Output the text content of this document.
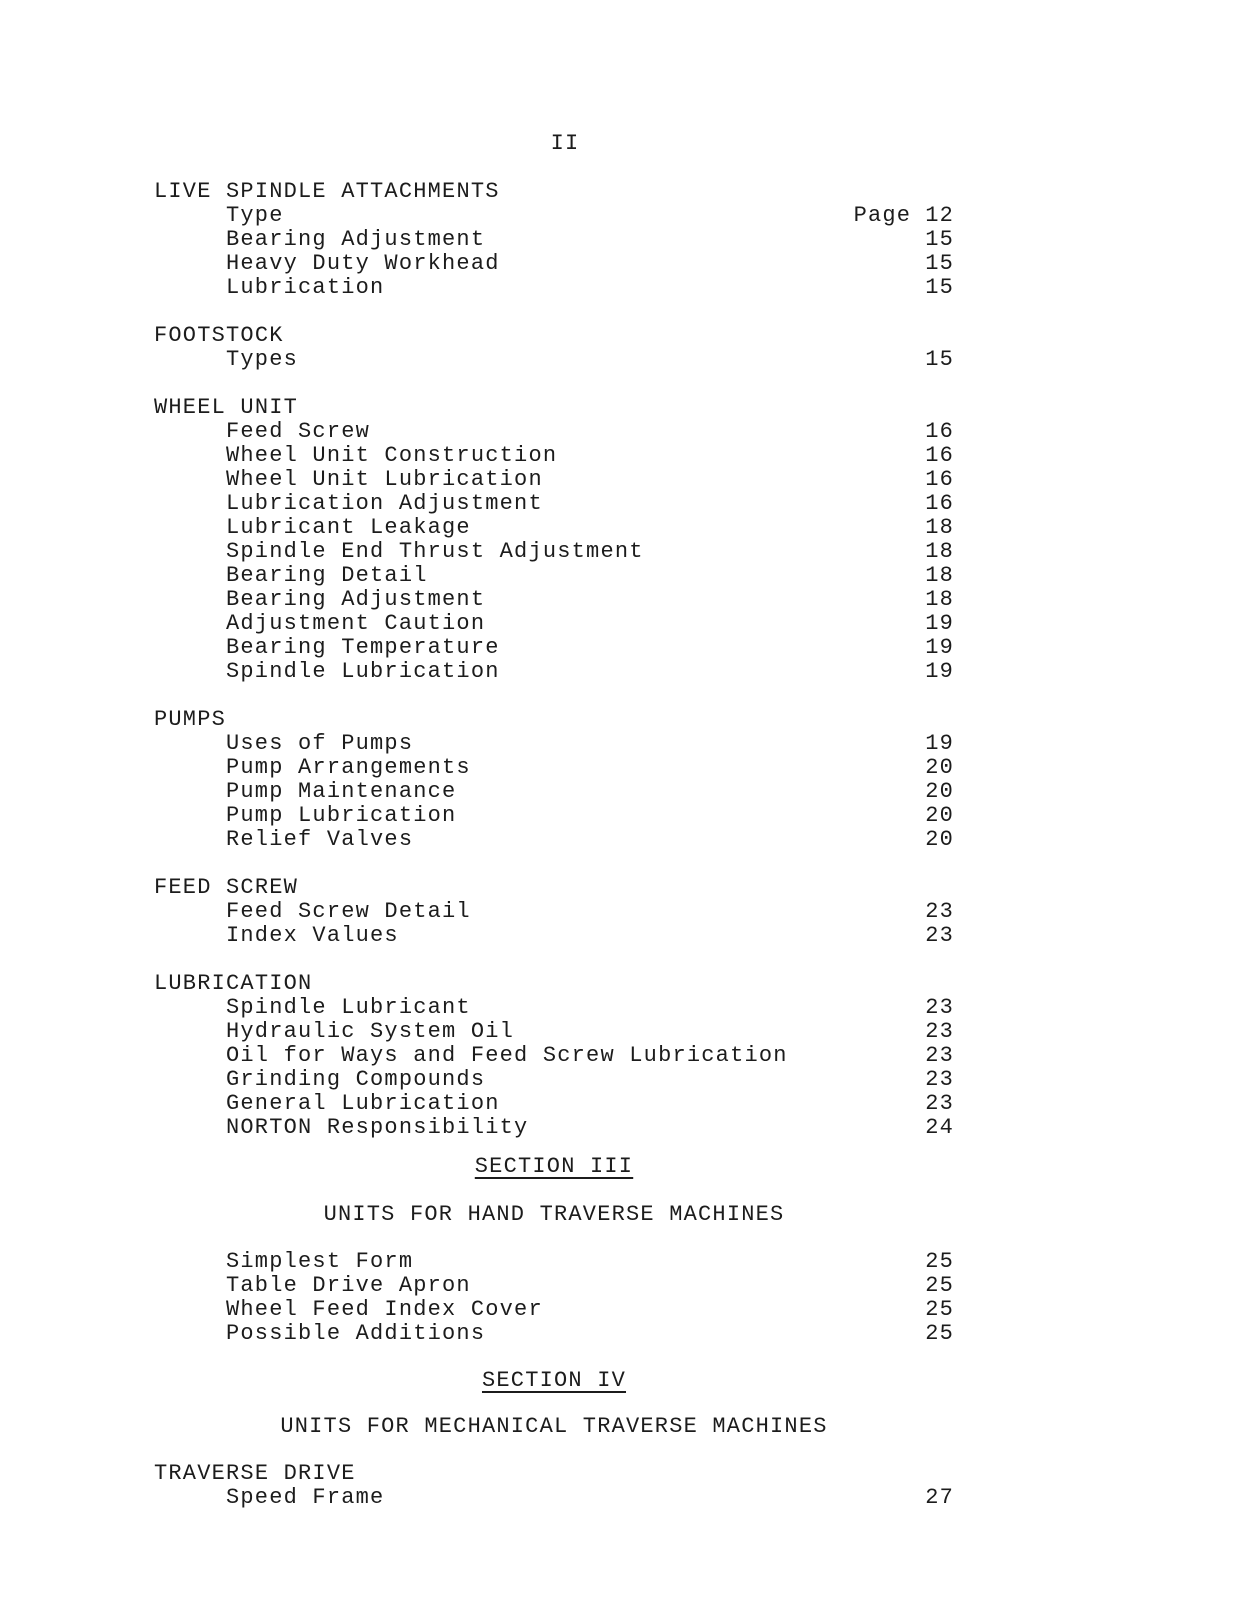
II
LIVE SPINDLE ATTACHMENTS
Type	Page 12
Bearing Adjustment	15
Heavy Duty Workhead	15
Lubrication	15
FOOTSTOCK
Types	15
WHEEL UNIT
Feed Screw	16
Wheel Unit Construction	16
Wheel Unit Lubrication	16
Lubrication Adjustment	16
Lubricant Leakage	18
Spindle End Thrust Adjustment	18
Bearing Detail	18
Bearing Adjustment	18
Adjustment Caution	19
Bearing Temperature	19
Spindle Lubrication	19
PUMPS
Uses of Pumps	19
Pump Arrangements	20
Pump Maintenance	20
Pump Lubrication	20
Relief Valves	20
FEED SCREW
Feed Screw Detail	23
Index Values	23
LUBRICATION
Spindle Lubricant	23
Hydraulic System Oil	23
Oil for Ways and Feed Screw Lubrication	23
Grinding Compounds	23
General Lubrication	23
NORTON Responsibility	24
SECTION III
UNITS FOR HAND TRAVERSE MACHINES
Simplest Form	25
Table Drive Apron	25
Wheel Feed Index Cover	25
Possible Additions	25
SECTION IV
UNITS FOR MECHANICAL TRAVERSE MACHINES
TRAVERSE DRIVE
Speed Frame	27
